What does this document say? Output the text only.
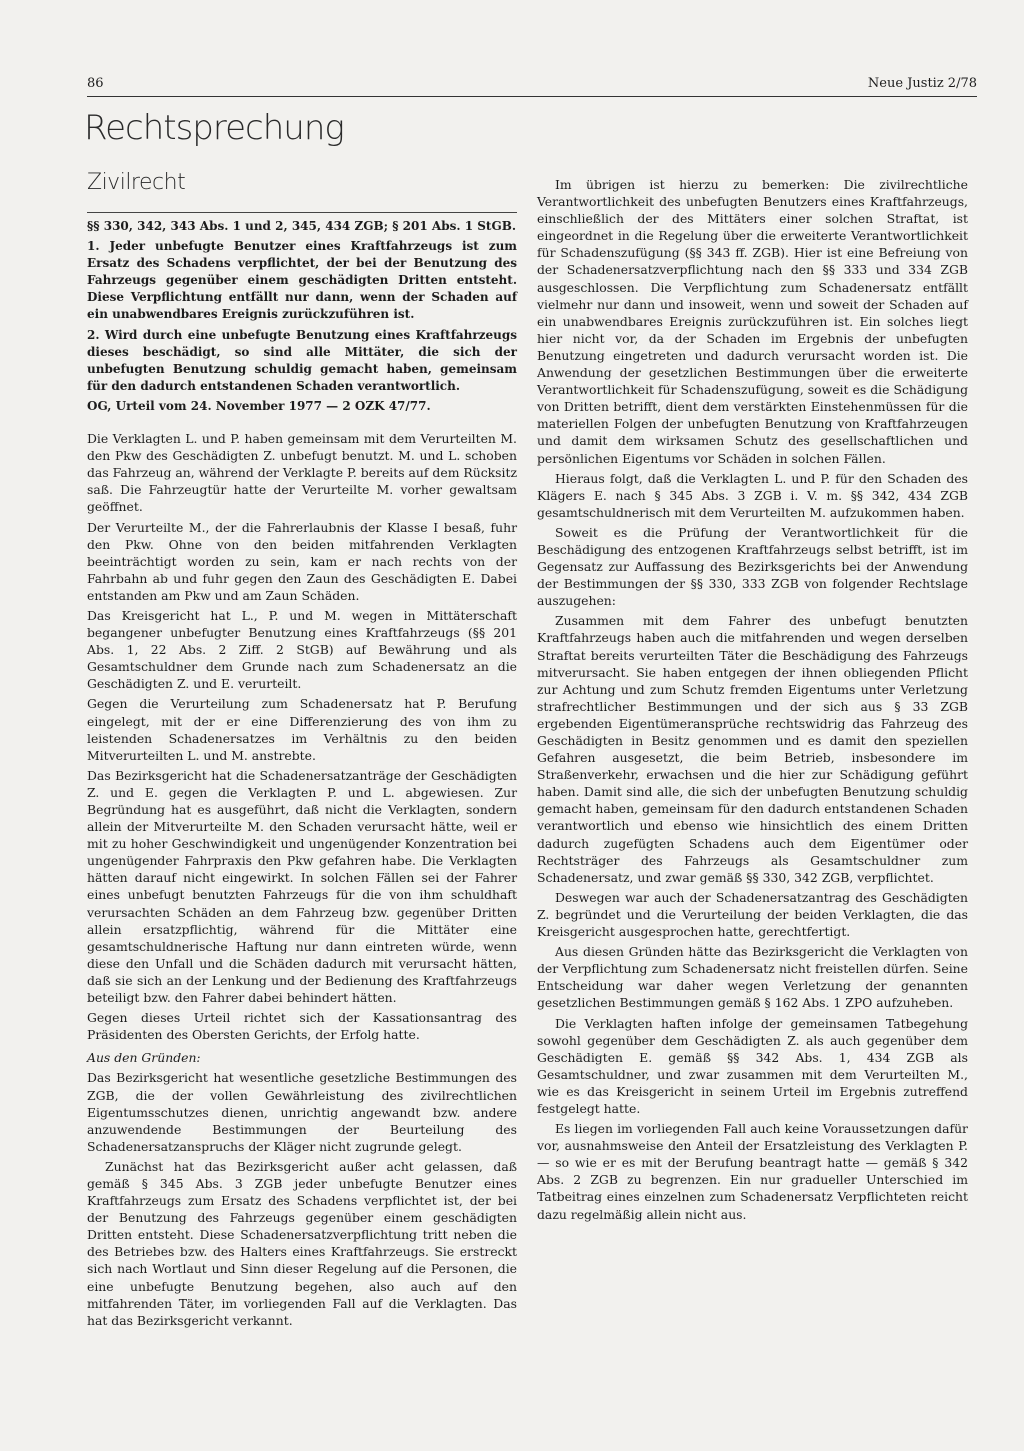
86	Neue Justiz 2/78
Rechtsprechung
Zivilrecht

§§ 330, 342, 343 Abs. 1 und 2, 345, 434 ZGB; § 201 Abs. 1 StGB.

1. Jeder unbefugte Benutzer eines Kraftfahrzeugs ist zum Ersatz des Schadens verpflichtet, der bei der Benutzung des Fahrzeugs gegenüber einem geschädigten Dritten entsteht. Diese Verpflichtung entfällt nur dann, wenn der Schaden auf ein unabwendbares Ereignis zurückzuführen ist.

2. Wird durch eine unbefugte Benutzung eines Kraftfahrzeugs dieses beschädigt, so sind alle Mittäter, die sich der unbefugten Benutzung schuldig gemacht haben, gemeinsam für den dadurch entstandenen Schaden verantwortlich.

OG, Urteil vom 24. November 1977 — 2 OZK 47/77.

Die Verklagten L. und P. haben gemeinsam mit dem Verurteilten M. den Pkw des Geschädigten Z. unbefugt benutzt. M. und L. schoben das Fahrzeug an, während der Verklagte P. bereits auf dem Rücksitz saß. Die Fahrzeugtür hatte der Verurteilte M. vorher gewaltsam geöffnet.

Der Verurteilte M., der die Fahrerlaubnis der Klasse I besaß, fuhr den Pkw. Ohne von den beiden mitfahrenden Verklagten beeinträchtigt worden zu sein, kam er nach rechts von der Fahrbahn ab und fuhr gegen den Zaun des Geschädigten E. Dabei entstanden am Pkw und am Zaun Schäden.

Das Kreisgericht hat L., P. und M. wegen in Mittäterschaft begangener unbefugter Benutzung eines Kraftfahrzeugs (§§ 201 Abs. 1, 22 Abs. 2 Ziff. 2 StGB) auf Bewährung und als Gesamtschuldner dem Grunde nach zum Schadenersatz an die Geschädigten Z. und E. verurteilt.

Gegen die Verurteilung zum Schadenersatz hat P. Berufung eingelegt, mit der er eine Differenzierung des von ihm zu leistenden Schadenersatzes im Verhältnis zu den beiden Mitverurteilten L. und M. anstrebte.

Das Bezirksgericht hat die Schadenersatzanträge der Geschädigten Z. und E. gegen die Verklagten P. und L. abgewiesen. Zur Begründung hat es ausgeführt, daß nicht die Verklagten, sondern allein der Mitverurteilte M. den Schaden verursacht hätte, weil er mit zu hoher Geschwindigkeit und ungenügender Konzentration bei ungenügender Fahrpraxis den Pkw gefahren habe. Die Verklagten hätten darauf nicht eingewirkt. In solchen Fällen sei der Fahrer eines unbefugt benutzten Fahrzeugs für die von ihm schuldhaft verursachten Schäden an dem Fahrzeug bzw. gegenüber Dritten allein ersatzpflichtig, während für die Mittäter eine gesamtschuldnerische Haftung nur dann eintreten würde, wenn diese den Unfall und die Schäden dadurch mit verursacht hätten, daß sie sich an der Lenkung und der Bedienung des Kraftfahrzeugs beteiligt bzw. den Fahrer dabei behindert hätten.

Gegen dieses Urteil richtet sich der Kassationsantrag des Präsidenten des Obersten Gerichts, der Erfolg hatte.

Aus den Gründen:

Das Bezirksgericht hat wesentliche gesetzliche Bestimmungen des ZGB, die der vollen Gewährleistung des zivilrechtlichen Eigentumsschutzes dienen, unrichtig angewandt bzw. andere anzuwendende Bestimmungen der Beurteilung des Schadenersatzanspruchs der Kläger nicht zugrunde gelegt.

Zunächst hat das Bezirksgericht außer acht gelassen, daß gemäß § 345 Abs. 3 ZGB jeder unbefugte Benutzer eines Kraftfahrzeugs zum Ersatz des Schadens verpflichtet ist, der bei der Benutzung des Fahrzeugs gegenüber einem geschädigten Dritten entsteht. Diese Schadenersatzverpflichtung tritt neben die des Betriebes bzw. des Halters eines Kraftfahrzeugs. Sie erstreckt sich nach Wortlaut und Sinn dieser Regelung auf die Personen, die eine unbefugte Benutzung begehen, also auch auf den mitfahrenden Täter, im vorliegenden Fall auf die Verklagten. Das hat das Bezirksgericht verkannt.

Im übrigen ist hierzu zu bemerken: Die zivilrechtliche Verantwortlichkeit des unbefugten Benutzers eines Kraftfahrzeugs, einschließlich der des Mittäters einer solchen Straftat, ist eingeordnet in die Regelung über die erweiterte Verantwortlichkeit für Schadenszufügung (§§ 343 ff. ZGB). Hier ist eine Befreiung von der Schadenersatzverpflichtung nach den §§ 333 und 334 ZGB ausgeschlossen. Die Verpflichtung zum Schadenersatz entfällt vielmehr nur dann und insoweit, wenn und soweit der Schaden auf ein unabwendbares Ereignis zurückzuführen ist. Ein solches liegt hier nicht vor, da der Schaden im Ergebnis der unbefugten Benutzung eingetreten und dadurch verursacht worden ist. Die Anwendung der gesetzlichen Bestimmungen über die erweiterte Verantwortlichkeit für Schadenszufügung, soweit es die Schädigung von Dritten betrifft, dient dem verstärkten Einstehenmüssen für die materiellen Folgen der unbefugten Benutzung von Kraftfahrzeugen und damit dem wirksamen Schutz des gesellschaftlichen und persönlichen Eigentums vor Schäden in solchen Fällen.

Hieraus folgt, daß die Verklagten L. und P. für den Schaden des Klägers E. nach § 345 Abs. 3 ZGB i. V. m. §§ 342, 434 ZGB gesamtschuldnerisch mit dem Verurteilten M. aufzukommen haben.

Soweit es die Prüfung der Verantwortlichkeit für die Beschädigung des entzogenen Kraftfahrzeugs selbst betrifft, ist im Gegensatz zur Auffassung des Bezirksgerichts bei der Anwendung der Bestimmungen der §§ 330, 333 ZGB von folgender Rechtslage auszugehen:

Zusammen mit dem Fahrer des unbefugt benutzten Kraftfahrzeugs haben auch die mitfahrenden und wegen derselben Straftat bereits verurteilten Täter die Beschädigung des Fahrzeugs mitverursacht. Sie haben entgegen der ihnen obliegenden Pflicht zur Achtung und zum Schutz fremden Eigentums unter Verletzung strafrechtlicher Bestimmungen und der sich aus § 33 ZGB ergebenden Eigentümeransprüche rechtswidrig das Fahrzeug des Geschädigten in Besitz genommen und es damit den speziellen Gefahren ausgesetzt, die beim Betrieb, insbesondere im Straßenverkehr, erwachsen und die hier zur Schädigung geführt haben. Damit sind alle, die sich der unbefugten Benutzung schuldig gemacht haben, gemeinsam für den dadurch entstandenen Schaden verantwortlich und ebenso wie hinsichtlich des einem Dritten dadurch zugefügten Schadens auch dem Eigentümer oder Rechtsträger des Fahrzeugs als Gesamtschuldner zum Schadenersatz, und zwar gemäß §§ 330, 342 ZGB, verpflichtet.

Deswegen war auch der Schadenersatzantrag des Geschädigten Z. begründet und die Verurteilung der beiden Verklagten, die das Kreisgericht ausgesprochen hatte, gerechtfertigt.

Aus diesen Gründen hätte das Bezirksgericht die Verklagten von der Verpflichtung zum Schadenersatz nicht freistellen dürfen. Seine Entscheidung war daher wegen Verletzung der genannten gesetzlichen Bestimmungen gemäß § 162 Abs. 1 ZPO aufzuheben.

Die Verklagten haften infolge der gemeinsamen Tatbegehung sowohl gegenüber dem Geschädigten Z. als auch gegenüber dem Geschädigten E. gemäß §§ 342 Abs. 1, 434 ZGB als Gesamtschuldner, und zwar zusammen mit dem Verurteilten M., wie es das Kreisgericht in seinem Urteil im Ergebnis zutreffend festgelegt hatte.

Es liegen im vorliegenden Fall auch keine Voraussetzungen dafür vor, ausnahmsweise den Anteil der Ersatzleistung des Verklagten P. — so wie er es mit der Berufung beantragt hatte — gemäß § 342 Abs. 2 ZGB zu begrenzen. Ein nur gradueller Unterschied im Tatbeitrag eines einzelnen zum Schadenersatz Verpflichteten reicht dazu regelmäßig allein nicht aus.
